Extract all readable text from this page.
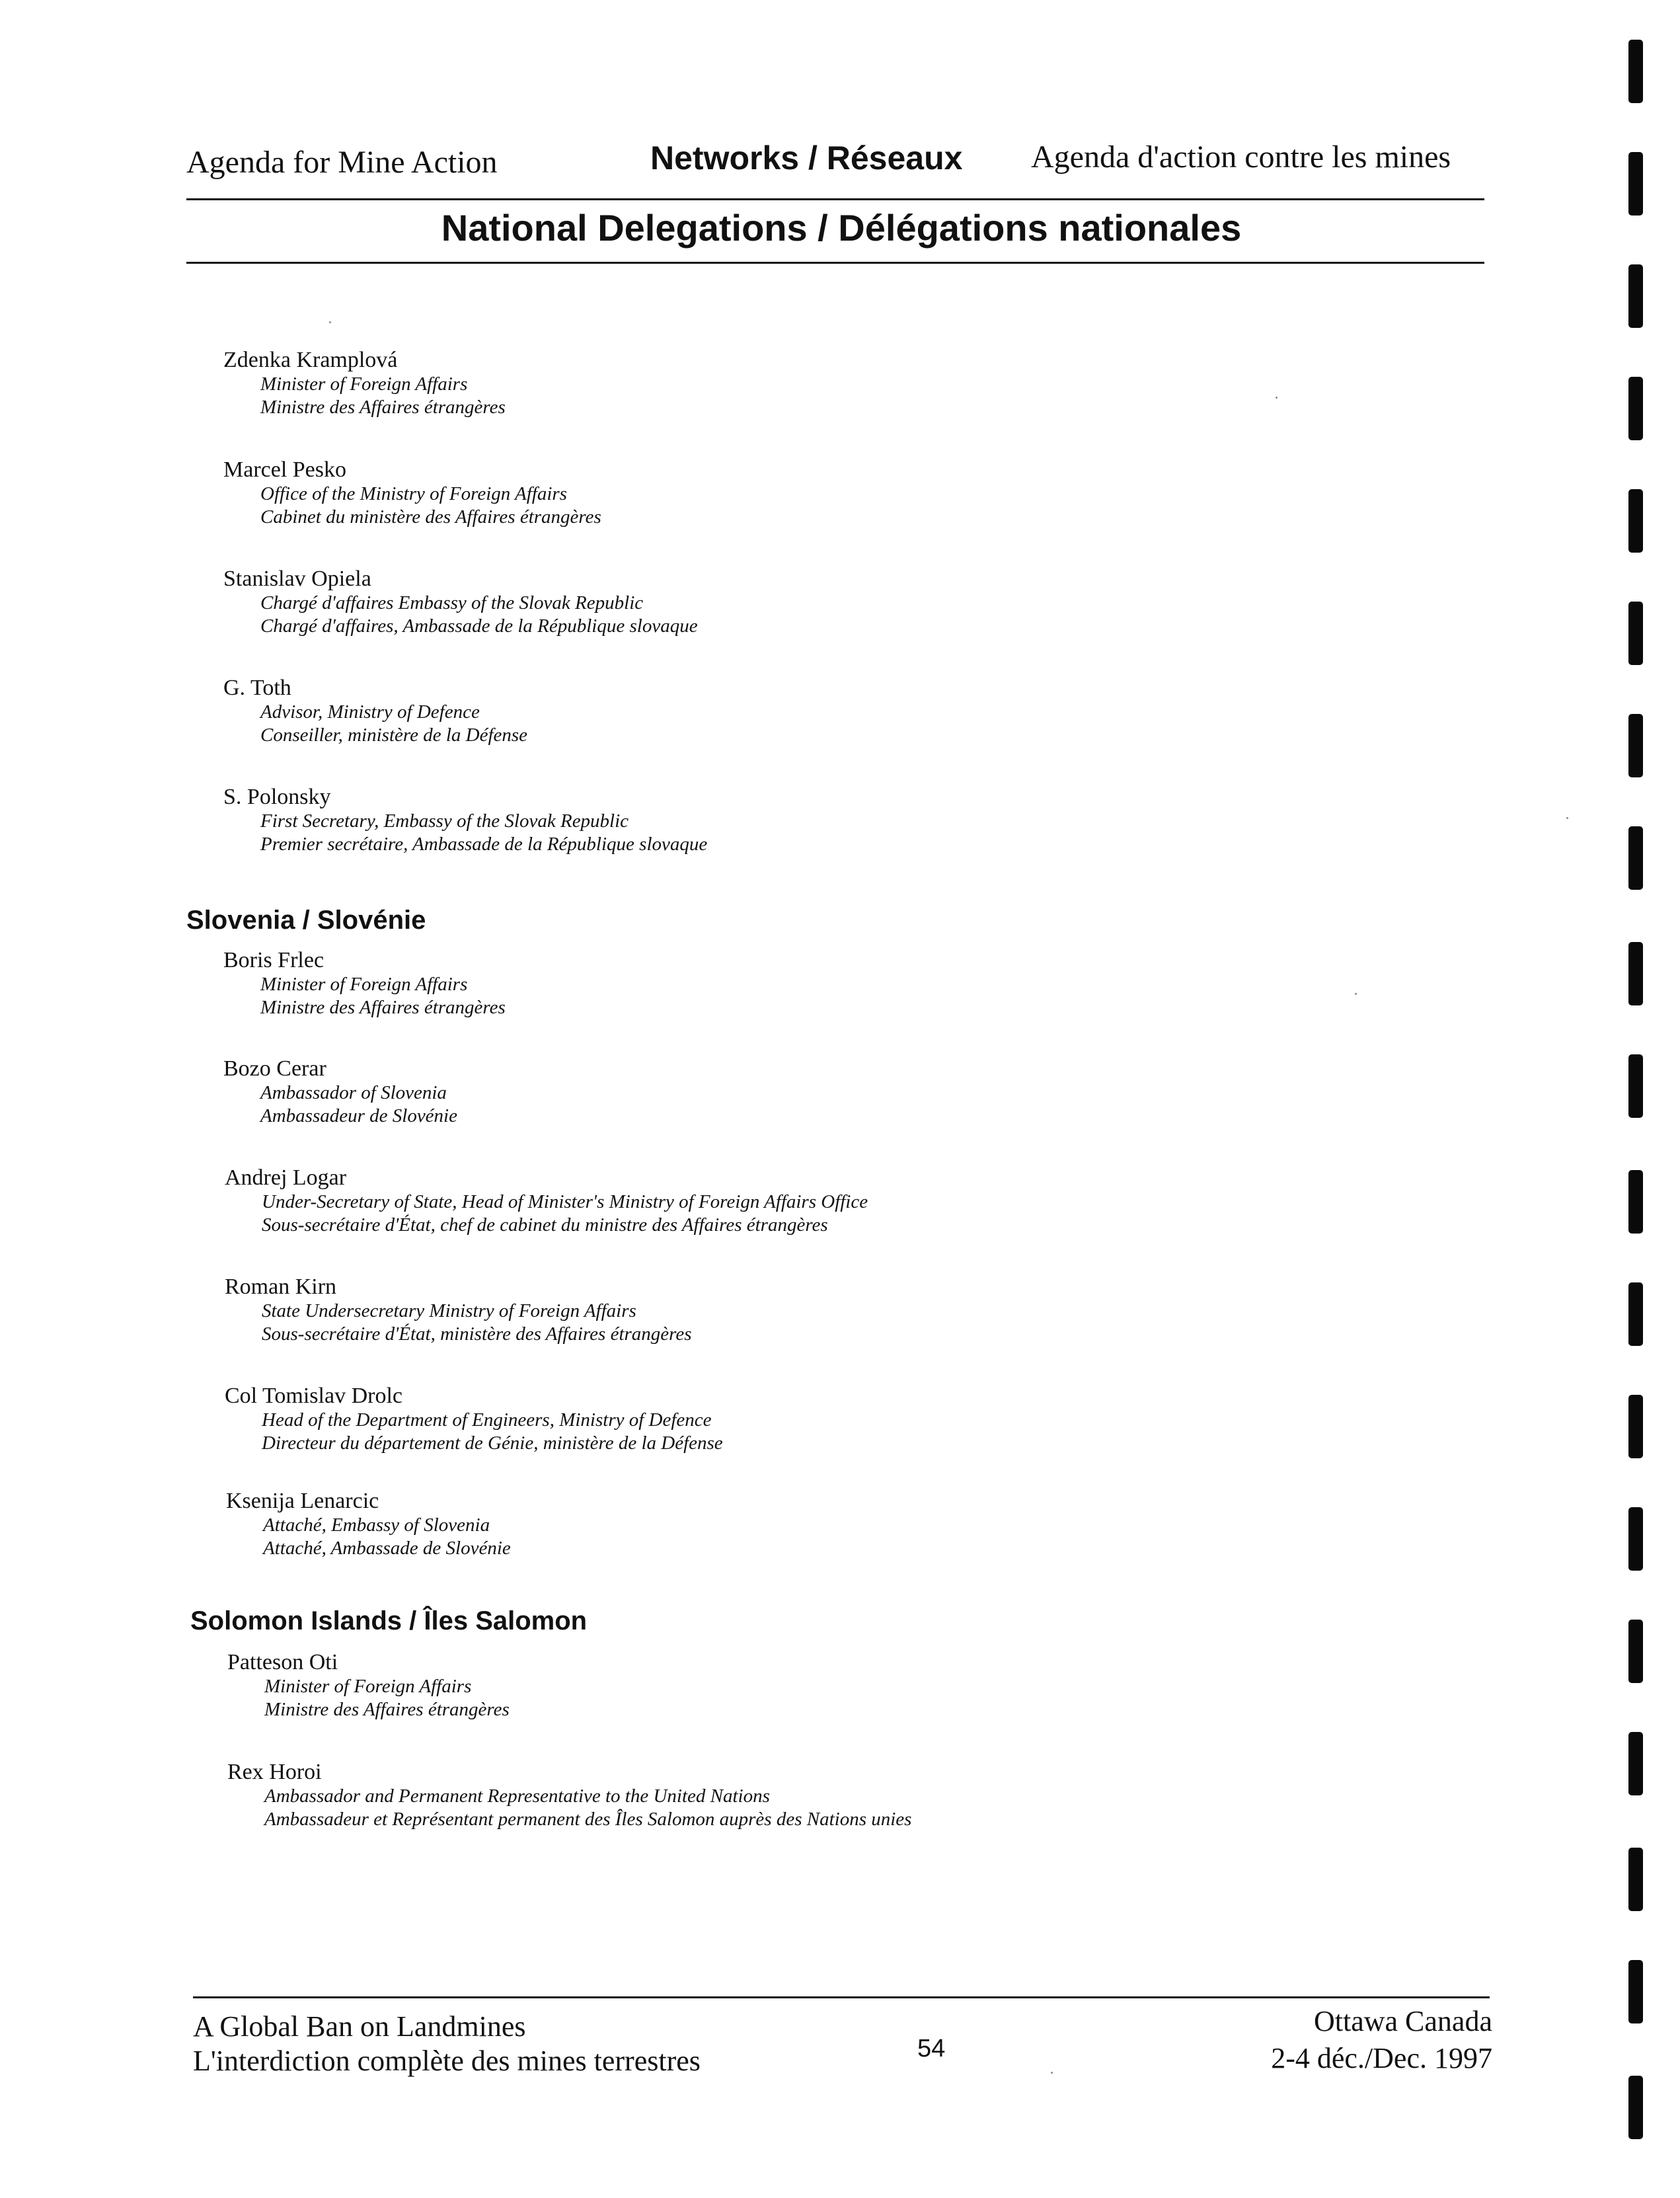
Agenda for Mine Action	Networks / Réseaux Agenda d'action contre les mines
National Delegations / Délégations nationales
Zdenka Kramplová
Minister of Foreign Affairs
Ministre des Affaires étrangères
Marcel Pesko
Office of the Ministry of Foreign Affairs
Cabinet du ministère des Affaires étrangères
Stanislav Opiela
Chargé d'affaires Embassy of the Slovak Republic
Chargé d'affaires, Ambassade de la République slovaque
G. Toth
Advisor, Ministry of Defence
Conseiller, ministère de la Défense
S. Polonsky
First Secretary, Embassy of the Slovak Republic
Premier secrétaire, Ambassade de la République slovaque
Slovenia / Slovénie
Boris Frlec
Minister of Foreign Affairs
Ministre des Affaires étrangères
Bozo Cerar
Ambassador of Slovenia
Ambassadeur de Slovénie
Andrej Logar
Under-Secretary of State, Head of Minister's Ministry of Foreign Affairs Office
Sous-secrétaire d'État, chef de cabinet du ministre des Affaires étrangères
Roman Kirn
State Undersecretary Ministry of Foreign Affairs
Sous-secrétaire d'État, ministère des Affaires étrangères
Col Tomislav Drolc
Head of the Department of Engineers, Ministry of Defence
Directeur du département de Génie, ministère de la Défense
Ksenija Lenarcic
Attaché, Embassy of Slovenia
Attaché, Ambassade de Slovénie
Solomon Islands / Îles Salomon
Patteson Oti
Minister of Foreign Affairs
Ministre des Affaires étrangères
Rex Horoi
Ambassador and Permanent Representative to the United Nations
Ambassadeur et Représentant permanent des Îles Salomon auprès des Nations unies
A Global Ban on Landmines
L'interdiction complète des mines terrestres	54
Ottawa Canada
2-4 déc./Dec. 1997
